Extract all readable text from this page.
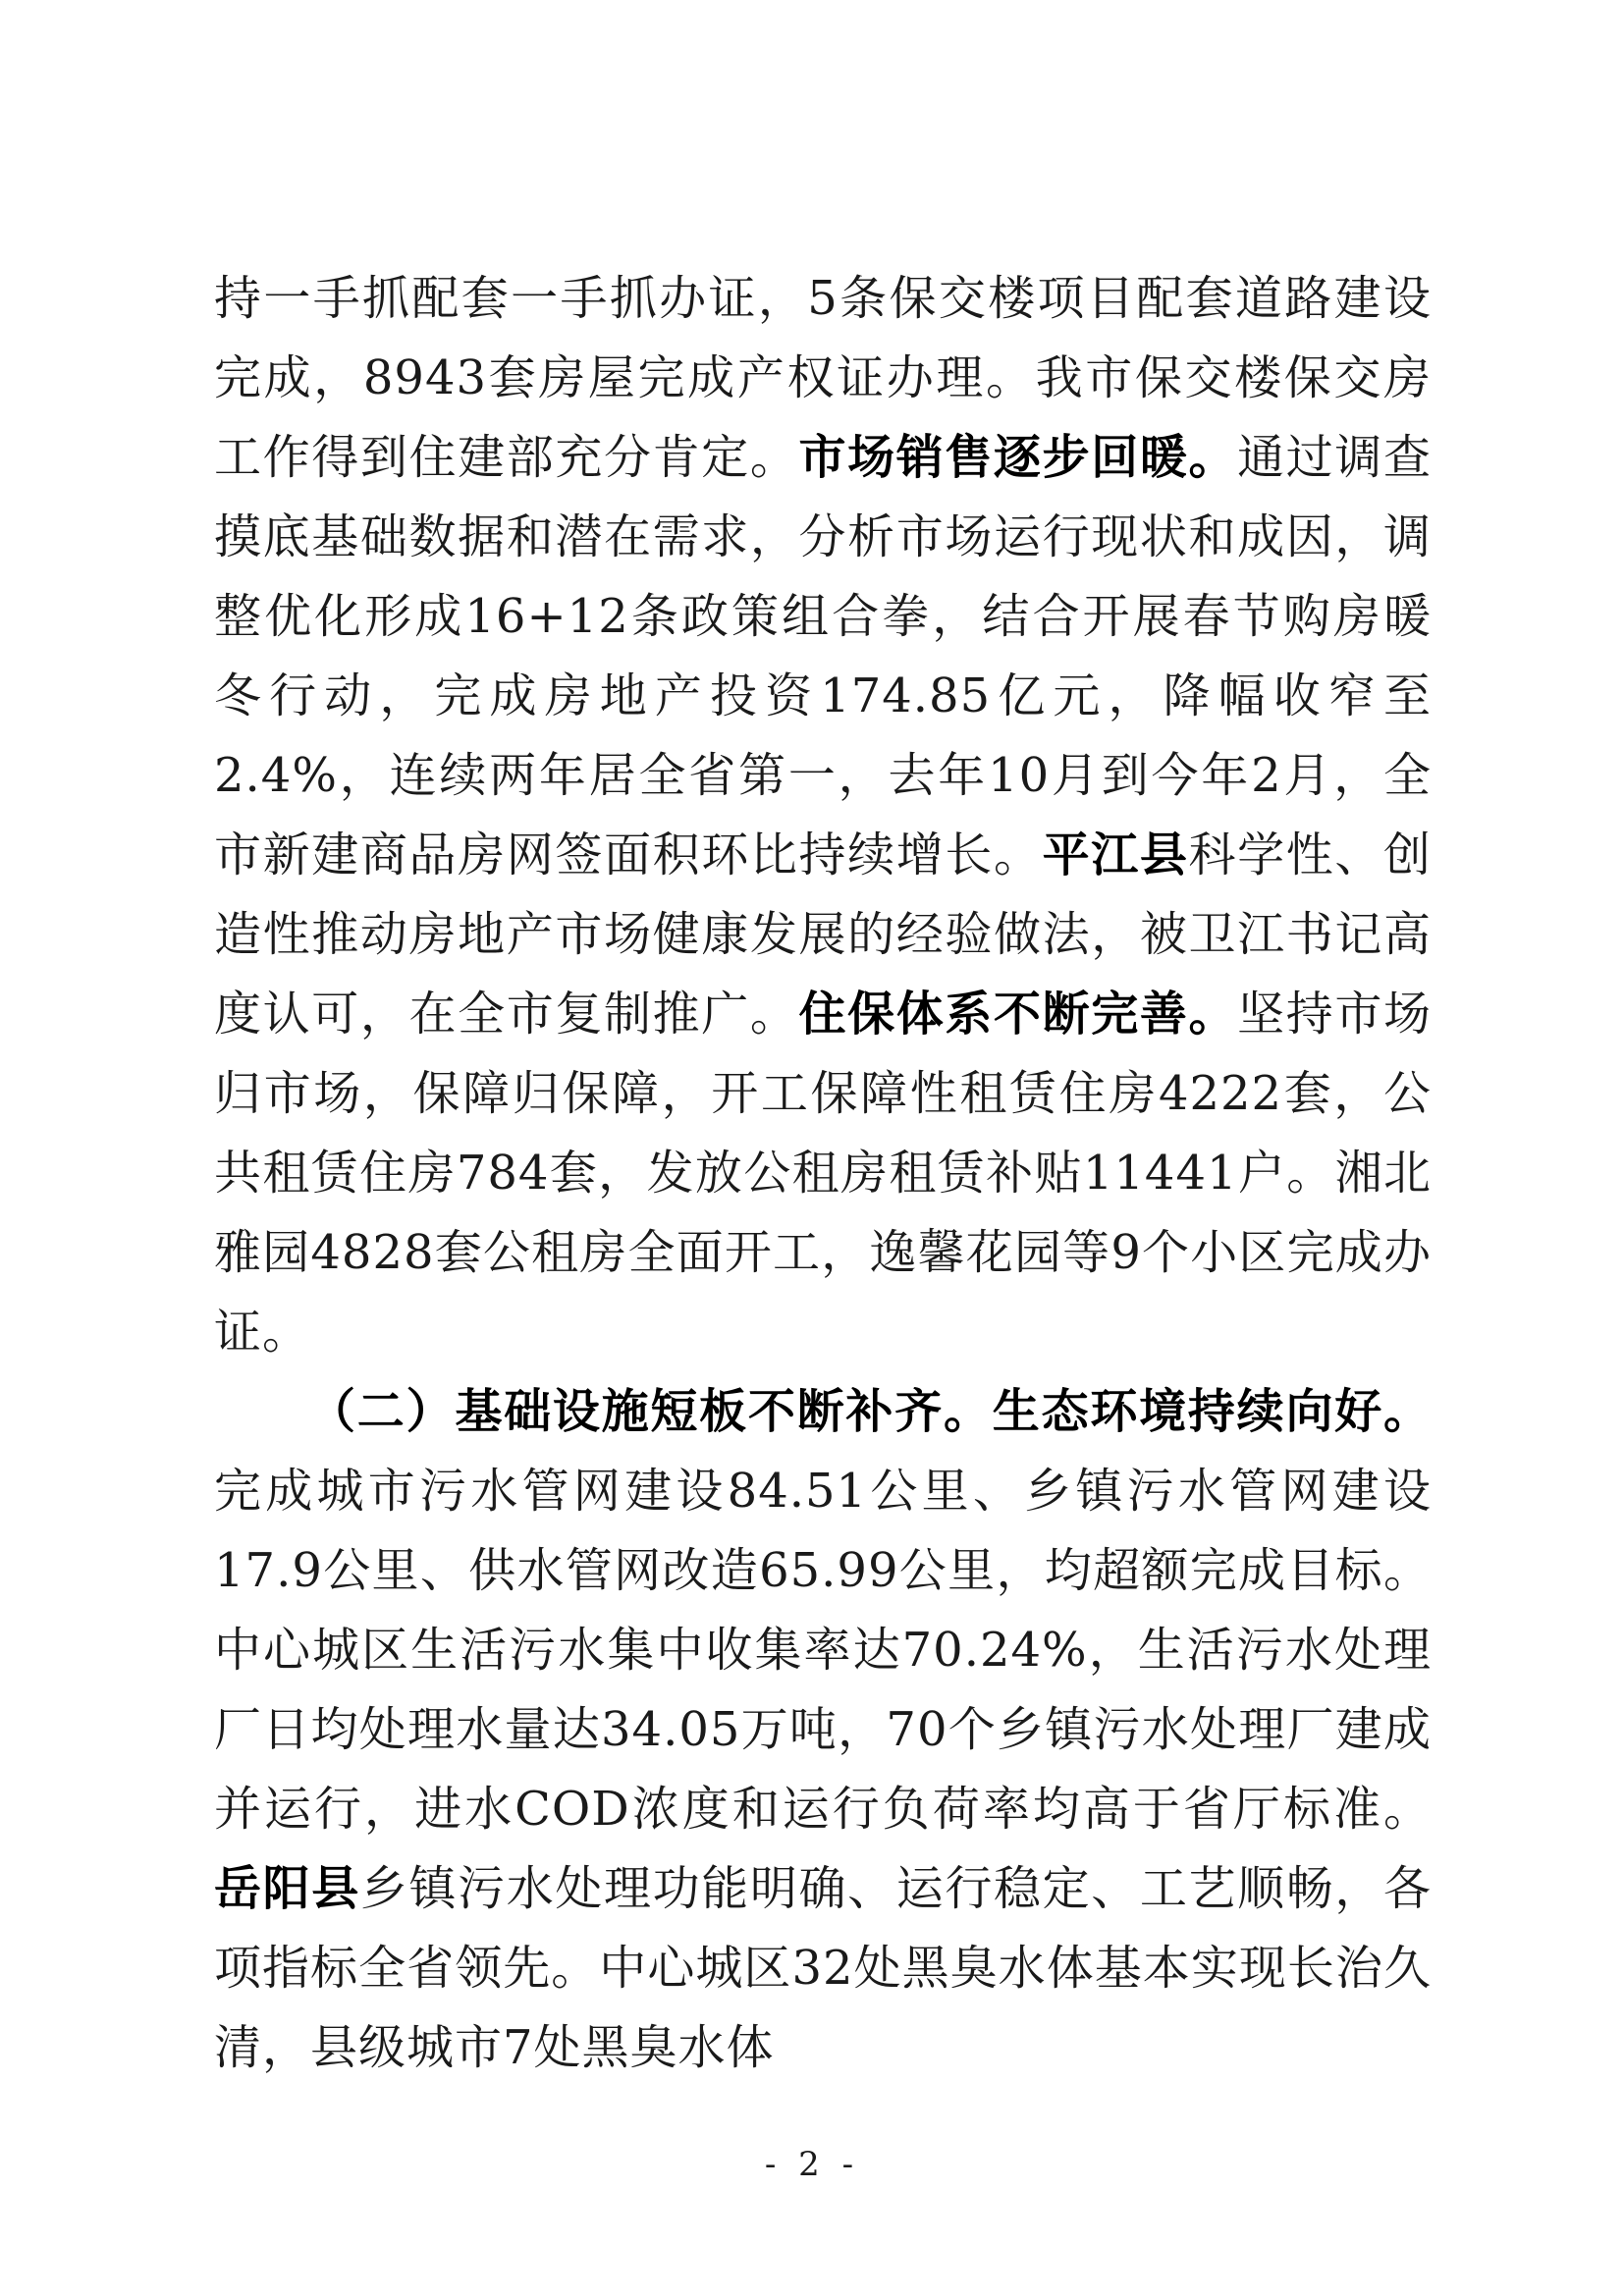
持一手抓配套一手抓办证，5条保交楼项目配套道路建设完成，8943套房屋完成产权证办理。我市保交楼保交房工作得到住建部充分肯定。市场销售逐步回暖。通过调查摸底基础数据和潜在需求，分析市场运行现状和成因，调整优化形成16+12条政策组合拳，结合开展春节购房暖冬行动，完成房地产投资174.85亿元，降幅收窄至2.4%，连续两年居全省第一，去年10月到今年2月，全市新建商品房网签面积环比持续增长。平江县科学性、创造性推动房地产市场健康发展的经验做法，被卫江书记高度认可，在全市复制推广。住保体系不断完善。坚持市场归市场，保障归保障，开工保障性租赁住房4222套，公共租赁住房784套，发放公租房租赁补贴11441户。湘北雅园4828套公租房全面开工，逸馨花园等9个小区完成办证。

（二）基础设施短板不断补齐。生态环境持续向好。完成城市污水管网建设84.51公里、乡镇污水管网建设17.9公里、供水管网改造65.99公里，均超额完成目标。中心城区生活污水集中收集率达70.24%，生活污水处理厂日均处理水量达34.05万吨，70个乡镇污水处理厂建成并运行，进水COD浓度和运行负荷率均高于省厅标准。岳阳县乡镇污水处理功能明确、运行稳定、工艺顺畅，各项指标全省领先。中心城区32处黑臭水体基本实现长治久清，县级城市7处黑臭水体

- 2 -
